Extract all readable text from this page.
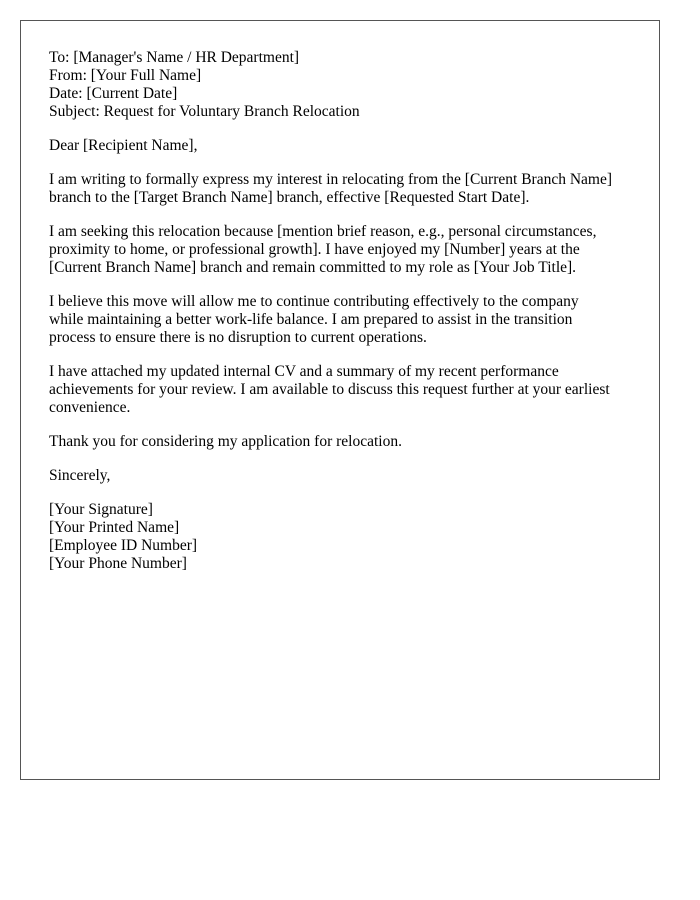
To: [Manager's Name / HR Department]
From: [Your Full Name]
Date: [Current Date]
Subject: Request for Voluntary Branch Relocation
Dear [Recipient Name],
I am writing to formally express my interest in relocating from the [Current Branch Name]
branch to the [Target Branch Name] branch, effective [Requested Start Date].
I am seeking this relocation because [mention brief reason, e.g., personal circumstances,
proximity to home, or professional growth]. I have enjoyed my [Number] years at the
[Current Branch Name] branch and remain committed to my role as [Your Job Title].
I believe this move will allow me to continue contributing effectively to the company
while maintaining a better work-life balance. I am prepared to assist in the transition
process to ensure there is no disruption to current operations.
I have attached my updated internal CV and a summary of my recent performance
achievements for your review. I am available to discuss this request further at your earliest
convenience.
Thank you for considering my application for relocation.
Sincerely,
[Your Signature]
[Your Printed Name]
[Employee ID Number]
[Your Phone Number]
